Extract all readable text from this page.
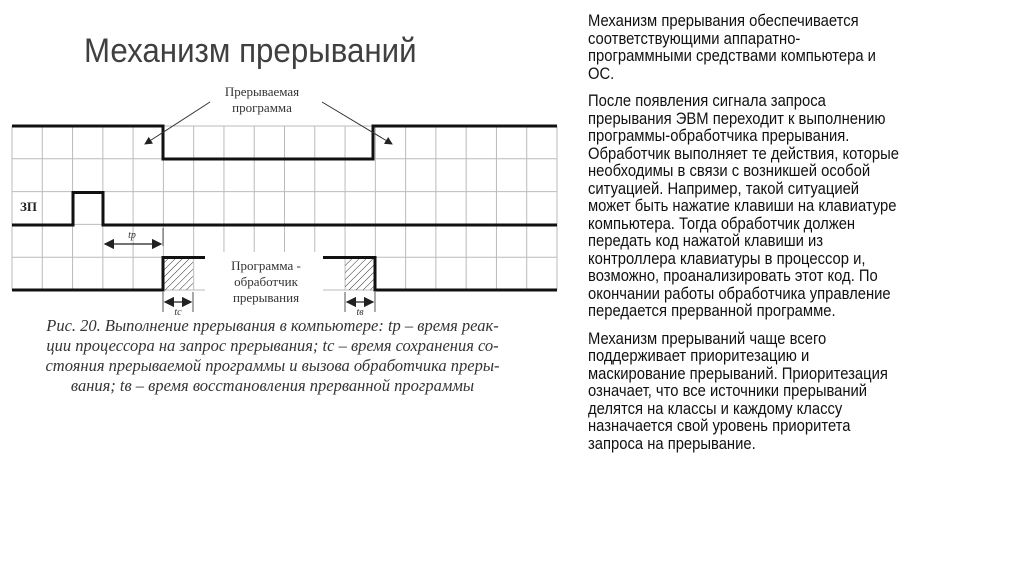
Механизм прерываний
Механизм прерывания обеспечивается
соответствующими аппаратно-
программными средствами компьютера и
ОС.
После появления сигнала запроса
прерывания ЭВМ переходит к выполнению
программы-обработчика прерывания.
Обработчик выполняет те действия, которые
необходимы в связи с возникшей особой
ситуацией. Например, такой ситуацией
может быть нажатие клавиши на клавиатуре
компьютера. Тогда обработчик должен
передать код нажатой клавиши из
контроллера клавиатуры в процессор и,
возможно, проанализировать этот код. По
окончании работы обработчика управление
передается прерванной программе.
Механизм прерываний чаще всего
поддерживает приоритезацию и
маскирование прерываний. Приоритезация
означает, что все источники прерываний
делятся на классы и каждому классу
назначается свой уровень приоритета
запроса на прерывание.
Прерываемая
программа
ЗП
tр
Программа -
обработчик
прерывания
tс	tв
Рис. 20. Выполнение прерывания в компьютере: tр – время реак-
ции процессора на запрос прерывания; tс – время сохранения со-
стояния прерываемой программы и вызова обработчика преры-
вания; tв – время восстановления прерванной программы
